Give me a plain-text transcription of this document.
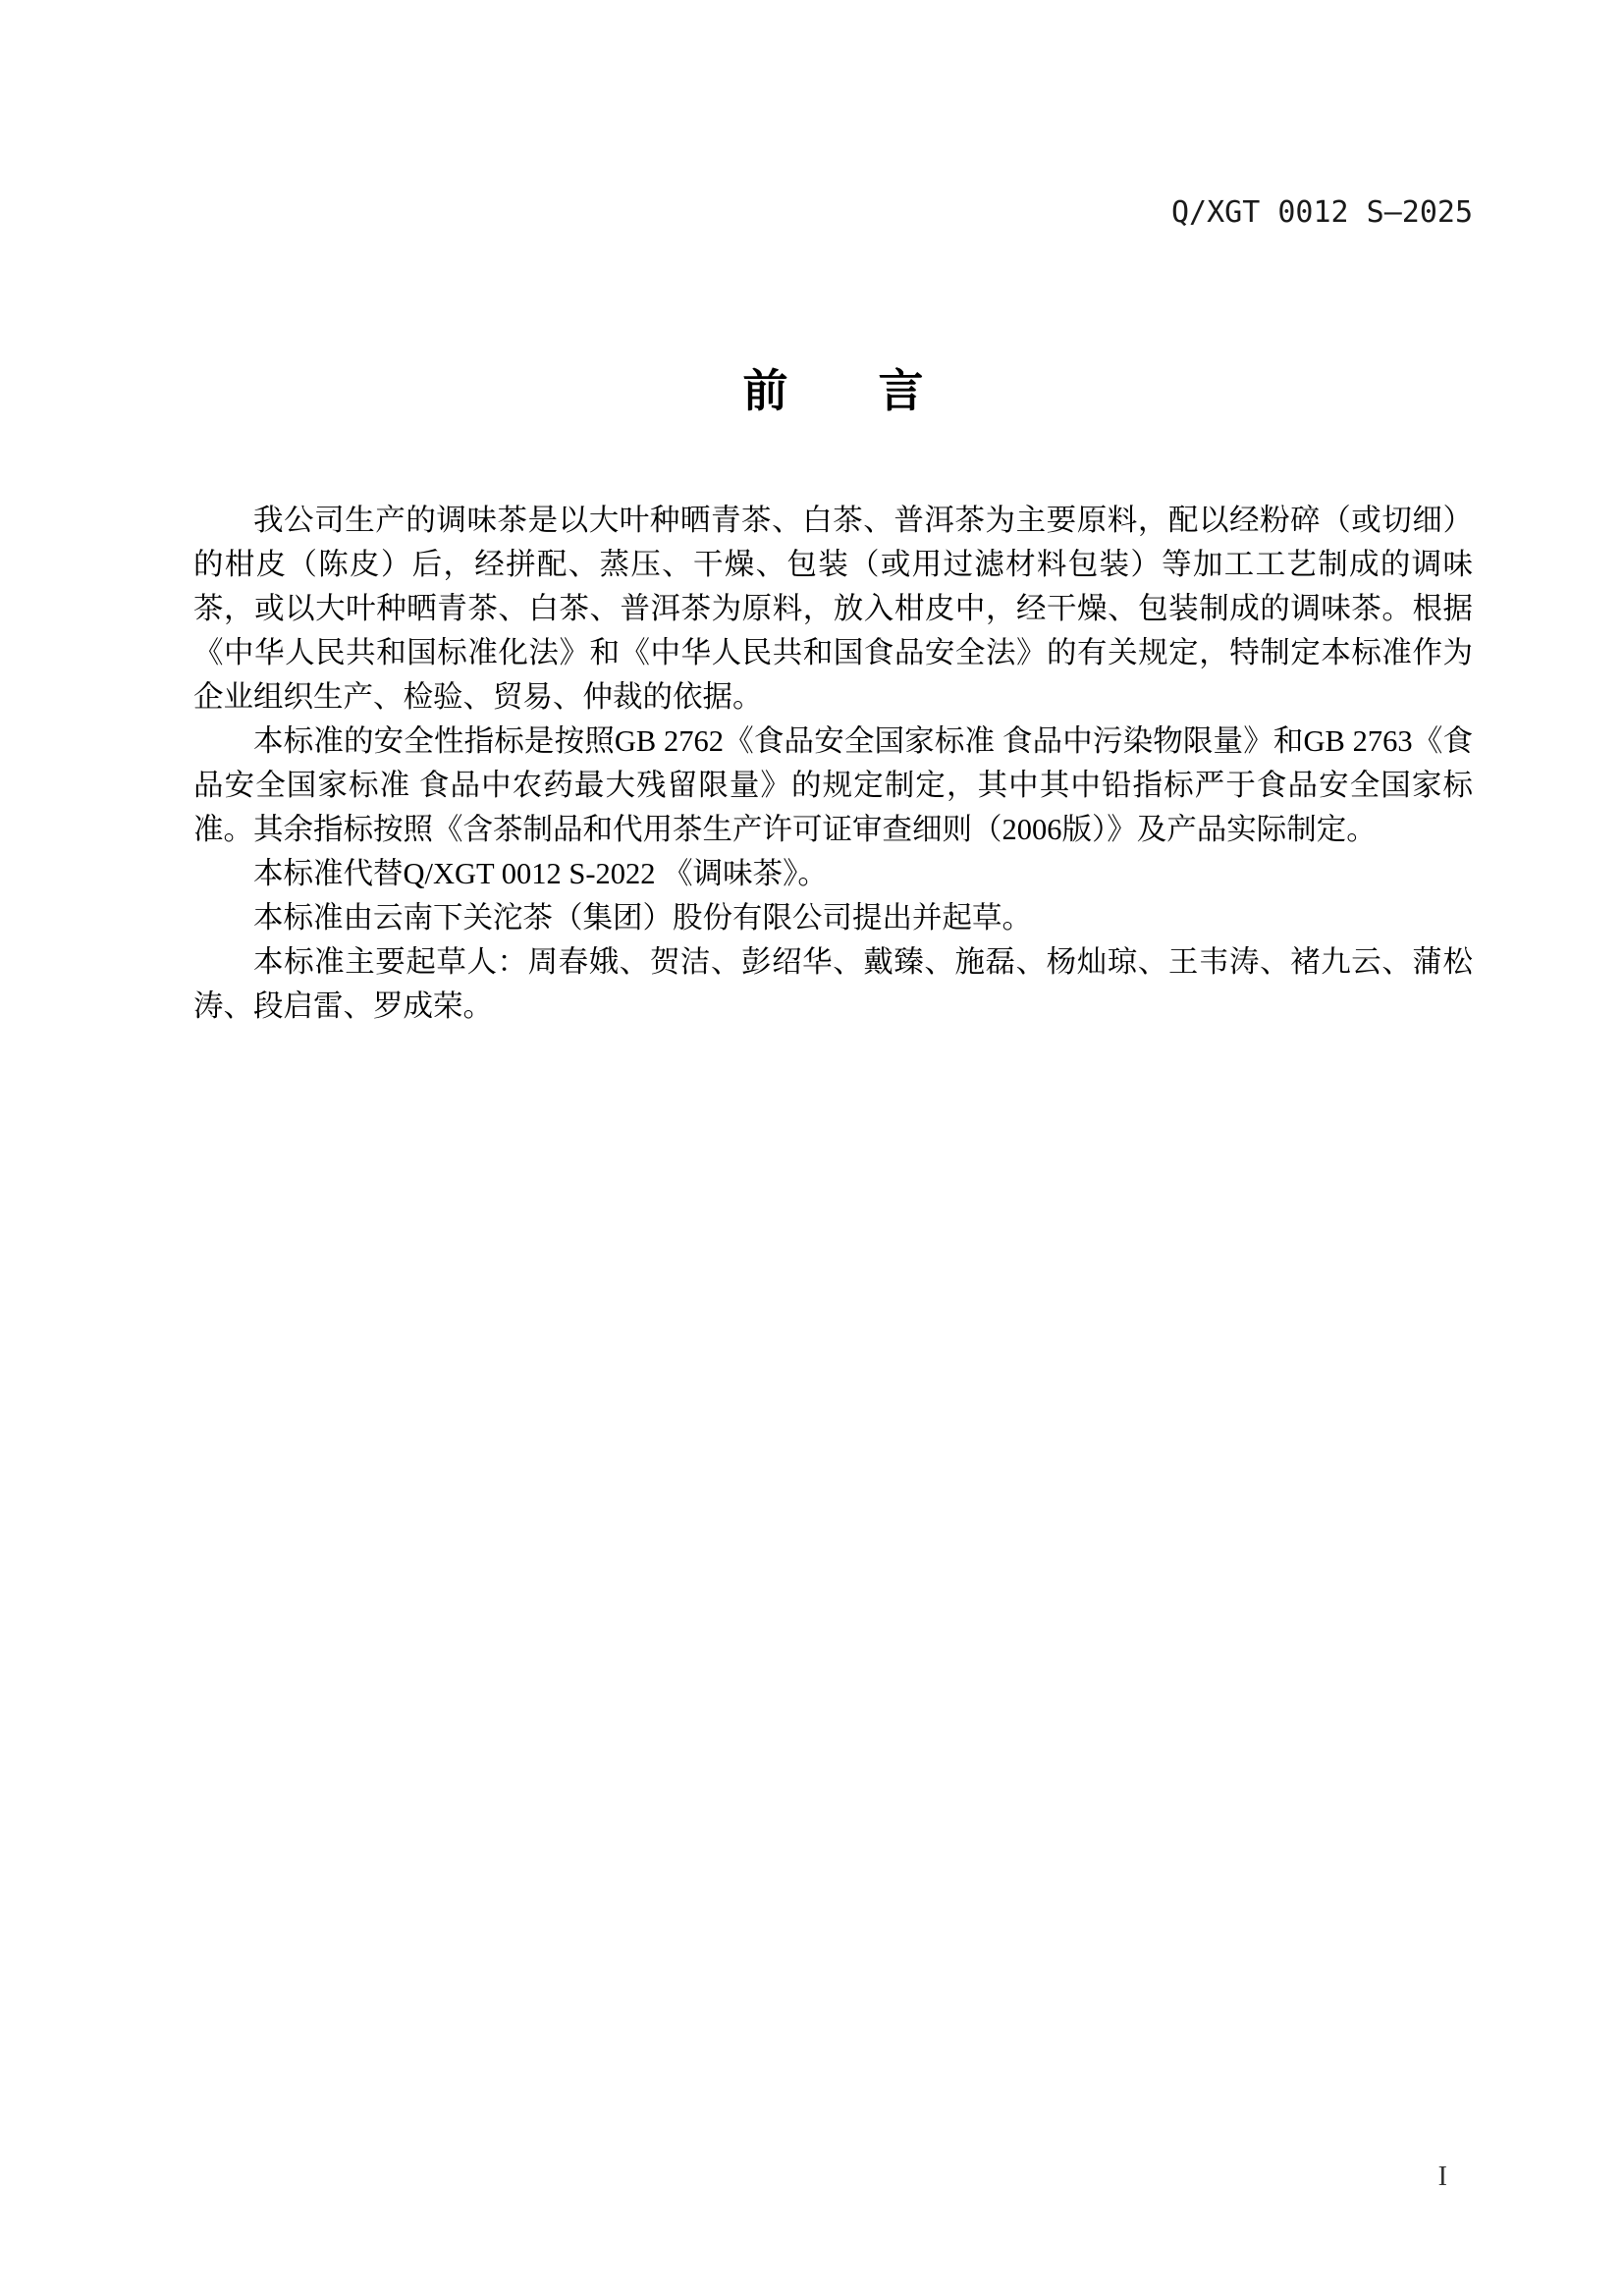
Q/XGT 0012 S—2025
前　　言

我公司生产的调味茶是以大叶种晒青茶、白茶、普洱茶为主要原料，配以经粉碎（或切细）的柑皮（陈皮）后，经拼配、蒸压、干燥、包装（或用过滤材料包装）等加工工艺制成的调味茶，或以大叶种晒青茶、白茶、普洱茶为原料，放入柑皮中，经干燥、包装制成的调味茶。根据《中华人民共和国标准化法》和《中华人民共和国食品安全法》的有关规定，特制定本标准作为企业组织生产、检验、贸易、仲裁的依据。

本标准的安全性指标是按照GB 2762《食品安全国家标准 食品中污染物限量》和GB 2763《食品安全国家标准 食品中农药最大残留限量》的规定制定，其中其中铅指标严于食品安全国家标准。其余指标按照《含茶制品和代用茶生产许可证审查细则（2006版）》及产品实际制定。

本标准代替Q/XGT 0012 S-2022 《调味茶》。

本标准由云南下关沱茶（集团）股份有限公司提出并起草。

本标准主要起草人：周春娥、贺洁、彭绍华、戴臻、施磊、杨灿琼、王韦涛、褚九云、蒲松涛、段启雷、罗成荣。

I
